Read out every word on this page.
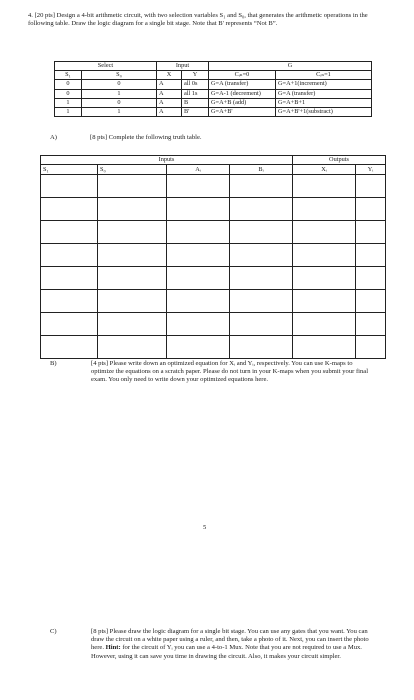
4. [20 pts] Design a 4-bit arithmetic circuit, with two selection variables S₁ and S₀, that generates the arithmetic operations in the following table. Draw the logic diagram for a single bit stage. Note that B' represents “Not B”.
Select		Input		G	
S₁	S₀	X	Y	Cᵢₙ=0	Cᵢₙ=1
0	0	A	all 0s	G=A (transfer)	G=A+1(increment)
0	1	A	all 1s	G=A-1 (decrement)	G=A (transfer)
1	0	A	B	G=A+B (add)	G=A+B+1
1	1	A	B'	G=A+B'	G=A+B'+1(substract)
A)	[8 pts] Complete the following truth table.
Inputs				Outputs	
S₁	S₀	Aᵢ	Bᵢ	Xᵢ	Yᵢ

B)	[4 pts] Please write down an optimized equation for Xᵢ and Yᵢ, respectively. You can use K-maps to optimize the equations on a scratch paper. Please do not turn in your K-maps when you submit your final exam. You only need to write down your optimized equations here.
5
C)	[8 pts] Please draw the logic diagram for a single bit stage. You can use any gates that you want. You can draw the circuit on a white paper using a ruler, and then, take a photo of it. Next, you can insert the photo here. Hint: for the circuit of Yᵢ you can use a 4-to-1 Mux. Note that you are not required to use a Mux. However, using it can save you time in drawing the circuit. Also, it makes your circuit simpler.
